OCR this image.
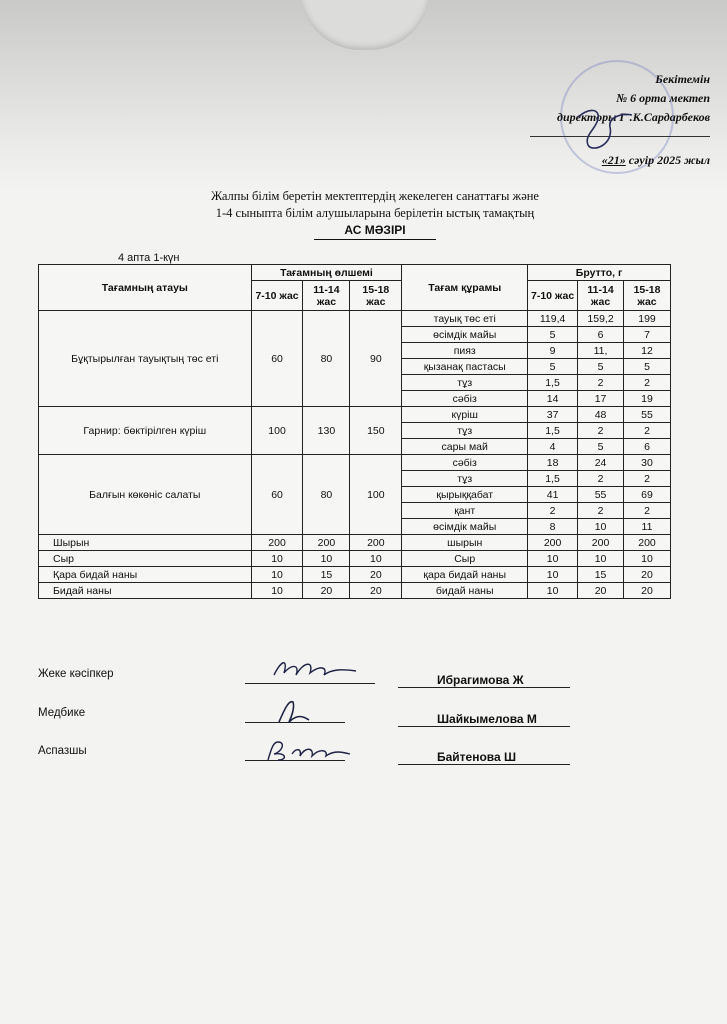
Бекітемін
№ 6 орта мектеп
директоры Г .К.Сардарбеков
«21» сәуір 2025 жыл
Жалпы білім беретін мектептердің жекелеген санаттағы және
1-4 сыныпта білім алушыларына берілетін ыстық тамақтың
АС МӘЗІРІ
4 апта 1-күн
Тағамның атауы	Тағамның өлшемі			Тағам құрамы	Брутто, г		
	7-10 жас	11-14 жас	15-18 жас		7-10 жас	11-14 жас	15-18 жас
Бұқтырылған тауықтың төс еті	60	80	90	тауық төс еті	119,4	159,2	199
				өсімдік майы	5	6	7
				пияз	9	11,	12
				қызанақ пастасы	5	5	5
				тұз	1,5	2	2
				сәбіз	14	17	19
Гарнир: бөктірілген күріш	100	130	150	күріш	37	48	55
				тұз	1,5	2	2
				сары май	4	5	6
Балғын көкөніс салаты	60	80	100	сәбіз	18	24	30
				тұз	1,5	2	2
				қырыққабат	41	55	69
				қант	2	2	2
				өсімдік майы	8	10	11
Шырын	200	200	200	шырын	200	200	200
Сыр	10	10	10	Сыр	10	10	10
Қара бидай наны	10	15	20	қара бидай наны	10	15	20
Бидай наны	10	20	20	бидай наны	10	20	20
Жеке кәсіпкер	Ибрагимова Ж
Медбике	Шайкымелова М
Аспазшы	Байтенова Ш
